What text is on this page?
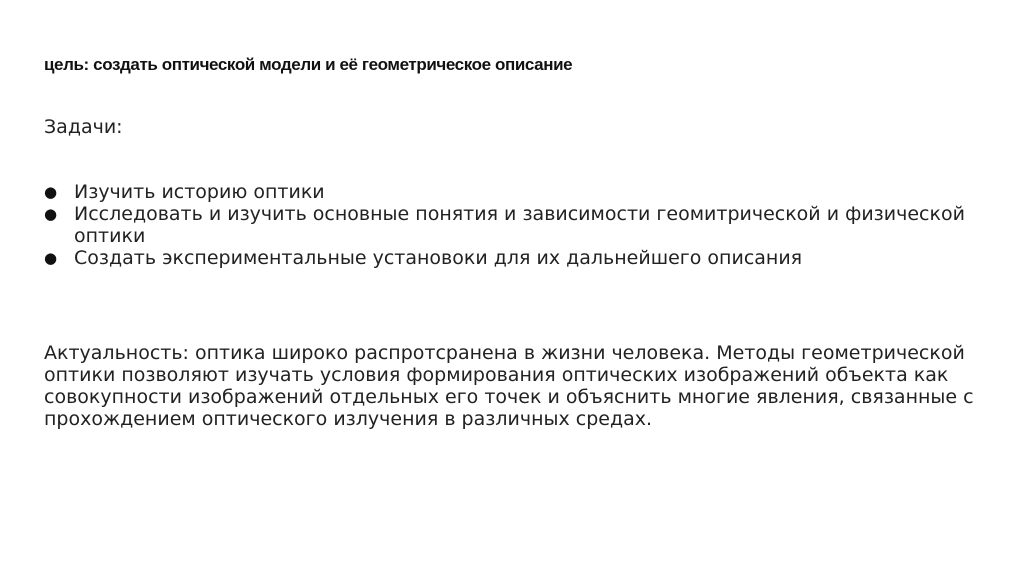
цель: создать оптической модели и её геометрическое описание
Задачи:
● Изучить историю оптики
● Исследовать и изучить основные понятия и зависимости геомитрической и физической оптики
● Создать экспериментальные установоки для их дальнейшего описания

Актуальность: оптика широко распротсранена в жизни человека. Методы геометрической оптики позволяют изучать условия формирования оптических изображений объекта как совокупности изображений отдельных его точек и объяснить многие явления, связанные с прохождением оптического излучения в различных средах.
